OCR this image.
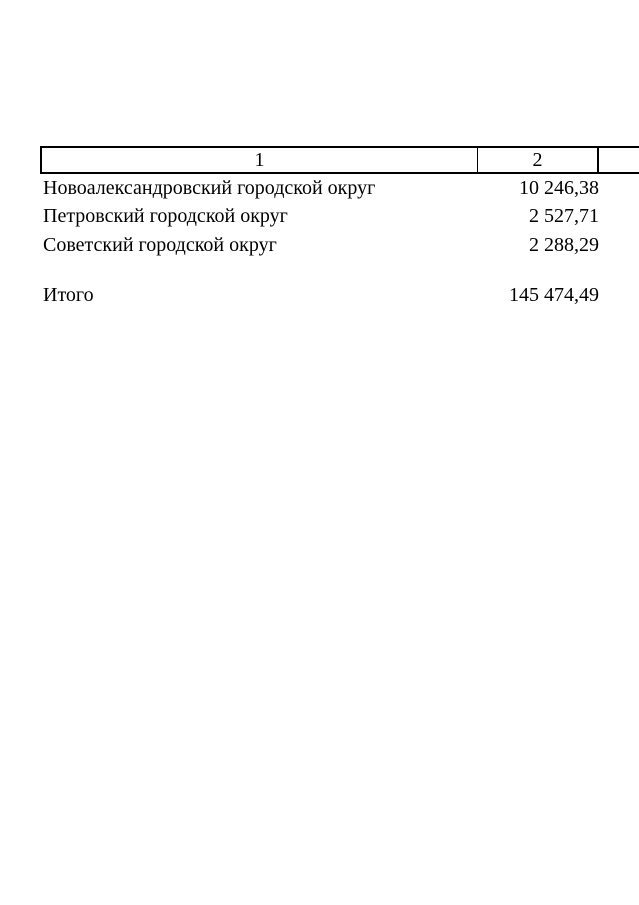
1	2
Новоалександровский городской округ	10 246,38
Петровский городской округ	2 527,71
Советский городской округ	2 288,29
Итого	145 474,49
